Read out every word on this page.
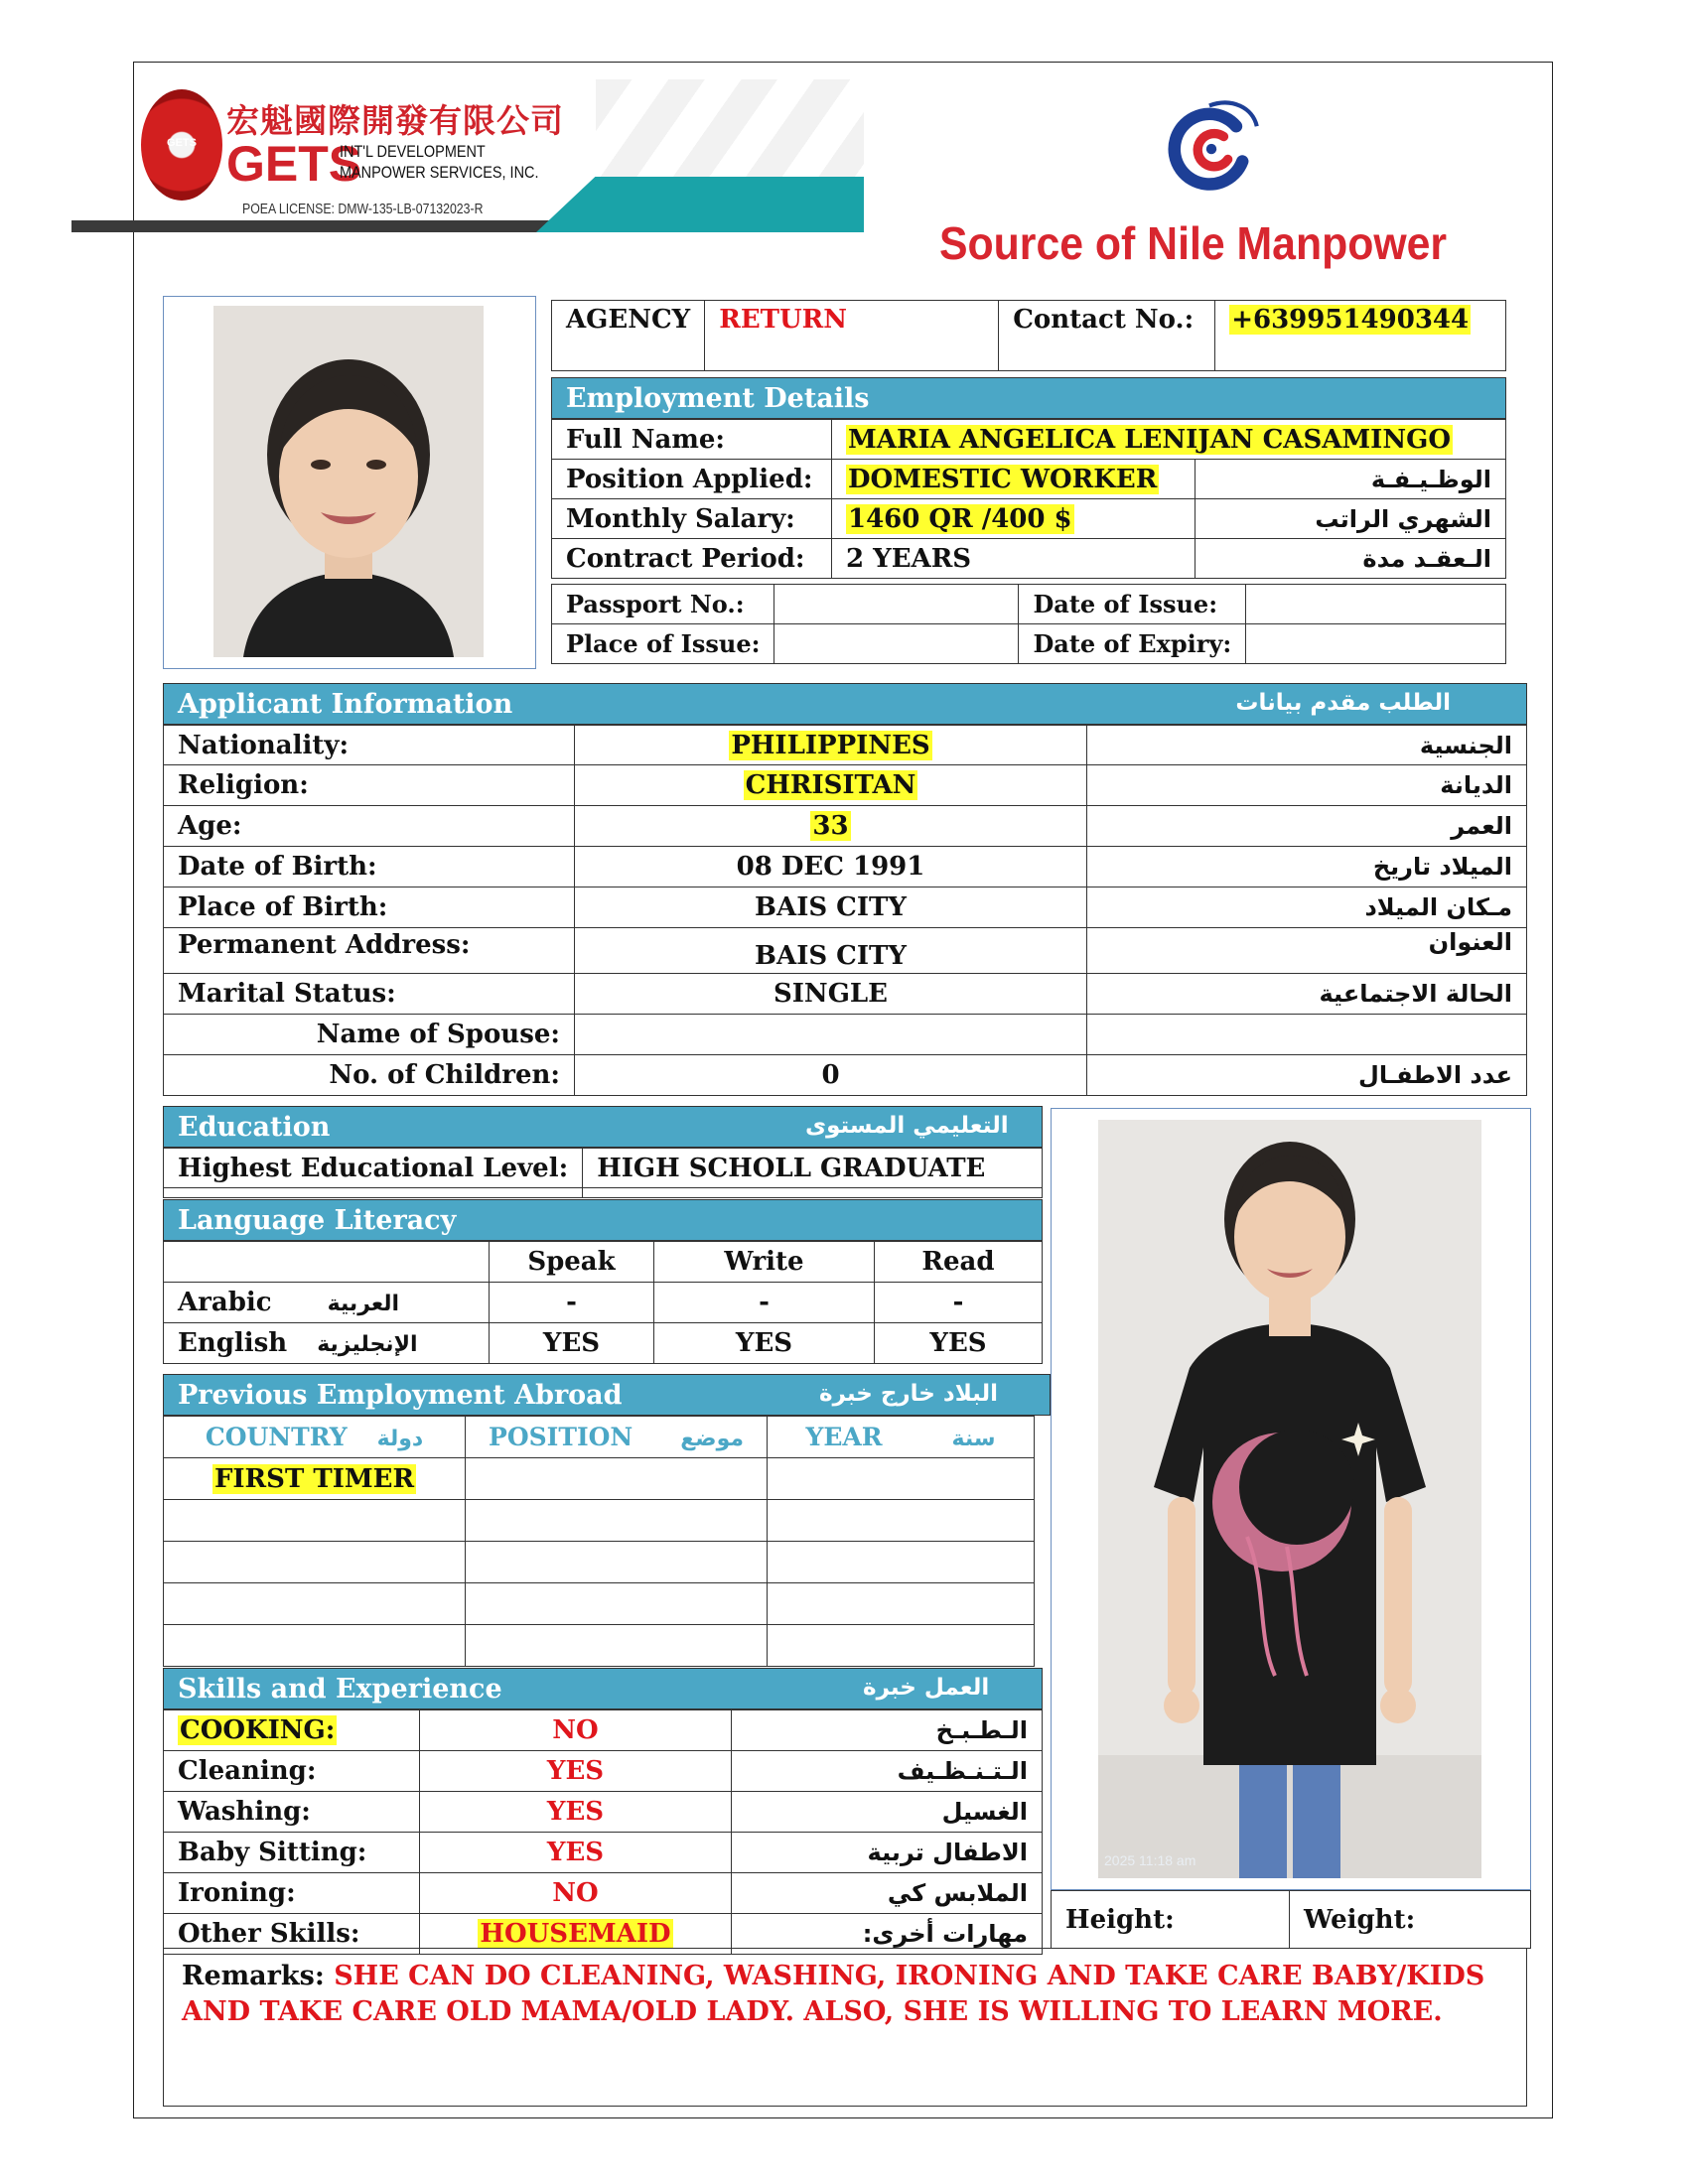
GETS
宏魁國際開發有限公司
GETS
INT'L DEVELOPMENT
MANPOWER SERVICES, INC.
POEA LICENSE: DMW-135-LB-07132023-R
Source of Nile Manpower
AGENCY	RETURN	Contact No.:	+639951490344
Employment Details
Full Name:	MARIA ANGELICA LENIJAN CASAMINGO	
Position Applied:	DOMESTIC WORKER	الوظـيـفـة
Monthly Salary:	1460 QR /400 $	الشهري الراتب
Contract Period:	2 YEARS	الـعقـد مدة
Passport No.:		Date of Issue:	
Place of Issue:		Date of Expiry:	
Applicant Information	الطلب مقدم بيانات
Nationality:	PHILIPPINES	الجنسية
Religion:	CHRISITAN	الديانة
Age:	33	العمر
Date of Birth:	08 DEC 1991	الميلاد تاريخ
Place of Birth:	BAIS CITY	مـكان الميلاد
Permanent Address:	BAIS CITY	العنوان
Marital Status:	SINGLE	الحالة الاجتماعية
Name of Spouse:		
No. of Children:	0	عدد الاطفـال
Education	التعليمي المستوى
Highest Educational Level:	HIGH SCHOLL GRADUATE

Language Literacy
	Speak	Write	Read
Arabic العربية	-	-	-
English الإنجليزية	YES	YES	YES
Previous Employment Abroad	البلاد خارج خبرة
COUNTRY دولة	POSITION موضع	YEAR سنة
FIRST TIMER		

Skills and Experience	العمل خبرة
COOKING:	NO	الـطـبـخ
Cleaning:	YES	الـتـنـظـيف
Washing:	YES	الغسيل
Baby Sitting:	YES	الاطفال تربية
Ironing:	NO	الملابس كي
Other Skills:	HOUSEMAID	مهارات أخرى:
2025 11:18 am
Height:	Weight:
Remarks: SHE CAN DO CLEANING, WASHING, IRONING AND TAKE CARE BABY/KIDS AND TAKE CARE OLD MAMA/OLD LADY. ALSO, SHE IS WILLING TO LEARN MORE.
